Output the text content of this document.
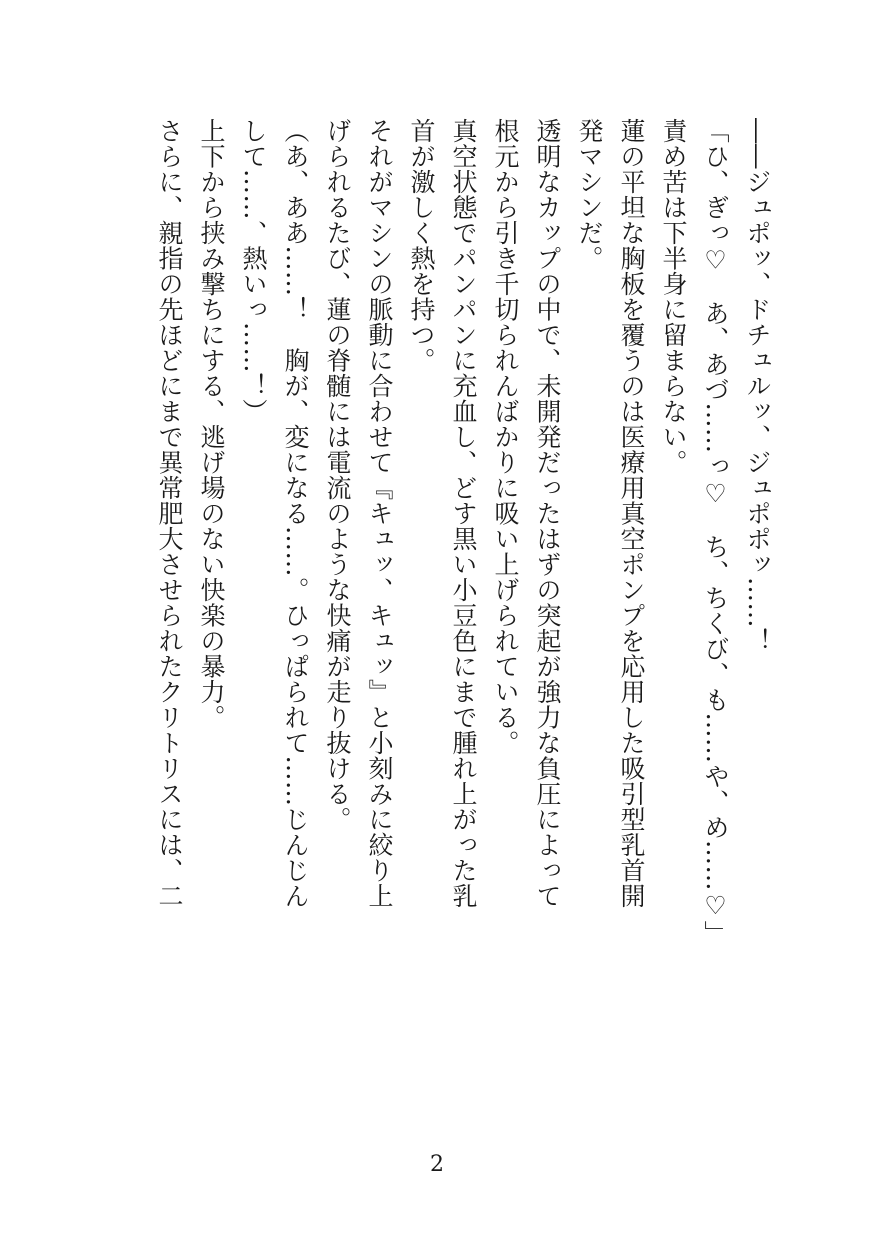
――ジュポッ、ドチュルッ、ジュポポッ……！

「ひ、ぎっ♡　あ、あづ……っ♡　ち、ちくび、も……や、め……♡」

責め苦は下半身に留まらない。

蓮の平坦な胸板を覆うのは医療用真空ポンプを応用した吸引型乳首開

発マシンだ。

透明なカップの中で、未開発だったはずの突起が強力な負圧によって

根元から引き千切られんばかりに吸い上げられている。

真空状態でパンパンに充血し、どす黒い小豆色にまで腫れ上がった乳

首が激しく熱を持つ。

それがマシンの脈動に合わせて『キュッ、キュッ』と小刻みに絞り上

げられるたび、蓮の脊髄には電流のような快痛が走り抜ける。

（あ、ああ……！　胸が、変になる……。ひっぱられて……じんじん

して……、熱いっ……！）

上下から挟み撃ちにする、逃げ場のない快楽の暴力。

さらに、親指の先ほどにまで異常肥大させられたクリトリスには、二

2
